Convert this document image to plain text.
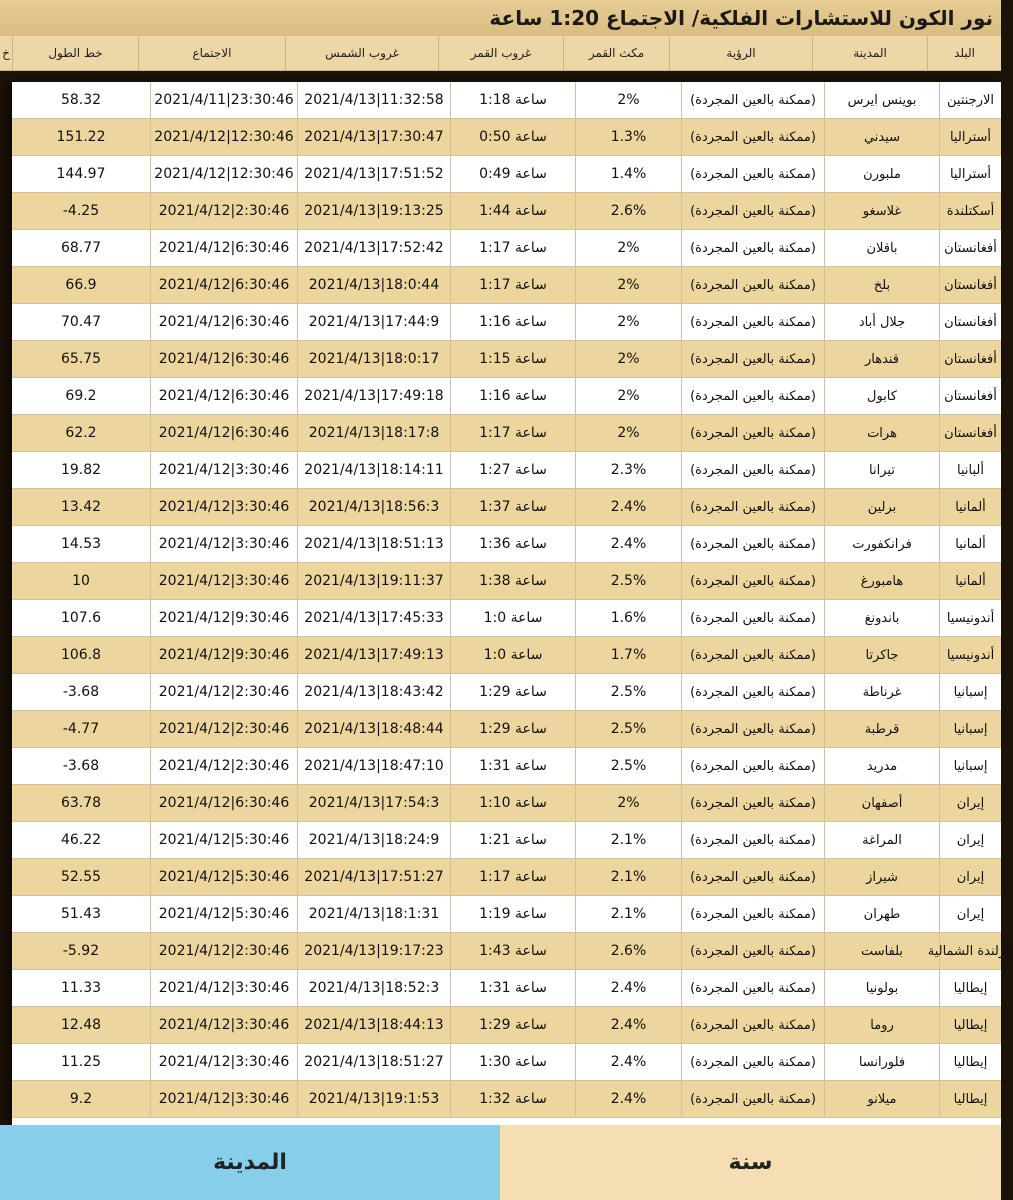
نور الكون للاستشارات الفلكية/ الاجتماع 1:20 ساعة
البلد
المدينة
الرؤية
مكث القمر
غروب القمر
غروب الشمس
الاجتماع
خط الطول
خ
الارجنتين
بوينس ايرس
(ممكنة بالعين المجردة)
2%
1:18 ساعة
2021/4/13|11:32:58
2021/4/11|23:30:46
58.32
أستراليا
سيدني
(ممكنة بالعين المجردة)
1.3%
0:50 ساعة
2021/4/13|17:30:47
2021/4/12|12:30:46
151.22
أستراليا
ملبورن
(ممكنة بالعين المجردة)
1.4%
0:49 ساعة
2021/4/13|17:51:52
2021/4/12|12:30:46
144.97
أسكتلندة
غلاسغو
(ممكنة بالعين المجردة)
2.6%
1:44 ساعة
2021/4/13|19:13:25
2021/4/12|2:30:46
-4.25
أفغانستان
باقلان
(ممكنة بالعين المجردة)
2%
1:17 ساعة
2021/4/13|17:52:42
2021/4/12|6:30:46
68.77
أفغانستان
بلخ
(ممكنة بالعين المجردة)
2%
1:17 ساعة
2021/4/13|18:0:44
2021/4/12|6:30:46
66.9
أفغانستان
جلال أباد
(ممكنة بالعين المجردة)
2%
1:16 ساعة
2021/4/13|17:44:9
2021/4/12|6:30:46
70.47
أفغانستان
قندهار
(ممكنة بالعين المجردة)
2%
1:15 ساعة
2021/4/13|18:0:17
2021/4/12|6:30:46
65.75
أفغانستان
كابول
(ممكنة بالعين المجردة)
2%
1:16 ساعة
2021/4/13|17:49:18
2021/4/12|6:30:46
69.2
أفغانستان
هرات
(ممكنة بالعين المجردة)
2%
1:17 ساعة
2021/4/13|18:17:8
2021/4/12|6:30:46
62.2
ألبانيا
تيرانا
(ممكنة بالعين المجردة)
2.3%
1:27 ساعة
2021/4/13|18:14:11
2021/4/12|3:30:46
19.82
ألمانيا
برلين
(ممكنة بالعين المجردة)
2.4%
1:37 ساعة
2021/4/13|18:56:3
2021/4/12|3:30:46
13.42
ألمانيا
فرانكفورت
(ممكنة بالعين المجردة)
2.4%
1:36 ساعة
2021/4/13|18:51:13
2021/4/12|3:30:46
14.53
ألمانيا
هامبورغ
(ممكنة بالعين المجردة)
2.5%
1:38 ساعة
2021/4/13|19:11:37
2021/4/12|3:30:46
10
أندونيسيا
باندونغ
(ممكنة بالعين المجردة)
1.6%
1:0 ساعة
2021/4/13|17:45:33
2021/4/12|9:30:46
107.6
أندونيسيا
جاكرتا
(ممكنة بالعين المجردة)
1.7%
1:0 ساعة
2021/4/13|17:49:13
2021/4/12|9:30:46
106.8
إسبانيا
غرناطة
(ممكنة بالعين المجردة)
2.5%
1:29 ساعة
2021/4/13|18:43:42
2021/4/12|2:30:46
-3.68
إسبانيا
قرطبة
(ممكنة بالعين المجردة)
2.5%
1:29 ساعة
2021/4/13|18:48:44
2021/4/12|2:30:46
-4.77
إسبانيا
مدريد
(ممكنة بالعين المجردة)
2.5%
1:31 ساعة
2021/4/13|18:47:10
2021/4/12|2:30:46
-3.68
إيران
أصفهان
(ممكنة بالعين المجردة)
2%
1:10 ساعة
2021/4/13|17:54:3
2021/4/12|6:30:46
63.78
إيران
المراغة
(ممكنة بالعين المجردة)
2.1%
1:21 ساعة
2021/4/13|18:24:9
2021/4/12|5:30:46
46.22
إيران
شيراز
(ممكنة بالعين المجردة)
2.1%
1:17 ساعة
2021/4/13|17:51:27
2021/4/12|5:30:46
52.55
إيران
طهران
(ممكنة بالعين المجردة)
2.1%
1:19 ساعة
2021/4/13|18:1:31
2021/4/12|5:30:46
51.43
إيرلندة الشمالية
بلفاست
(ممكنة بالعين المجردة)
2.6%
1:43 ساعة
2021/4/13|19:17:23
2021/4/12|2:30:46
-5.92
إيطاليا
بولونيا
(ممكنة بالعين المجردة)
2.4%
1:31 ساعة
2021/4/13|18:52:3
2021/4/12|3:30:46
11.33
إيطاليا
روما
(ممكنة بالعين المجردة)
2.4%
1:29 ساعة
2021/4/13|18:44:13
2021/4/12|3:30:46
12.48
إيطاليا
فلورانسا
(ممكنة بالعين المجردة)
2.4%
1:30 ساعة
2021/4/13|18:51:27
2021/4/12|3:30:46
11.25
إيطاليا
ميلانو
(ممكنة بالعين المجردة)
2.4%
1:32 ساعة
2021/4/13|19:1:53
2021/4/12|3:30:46
9.2
المدينة	سنة
